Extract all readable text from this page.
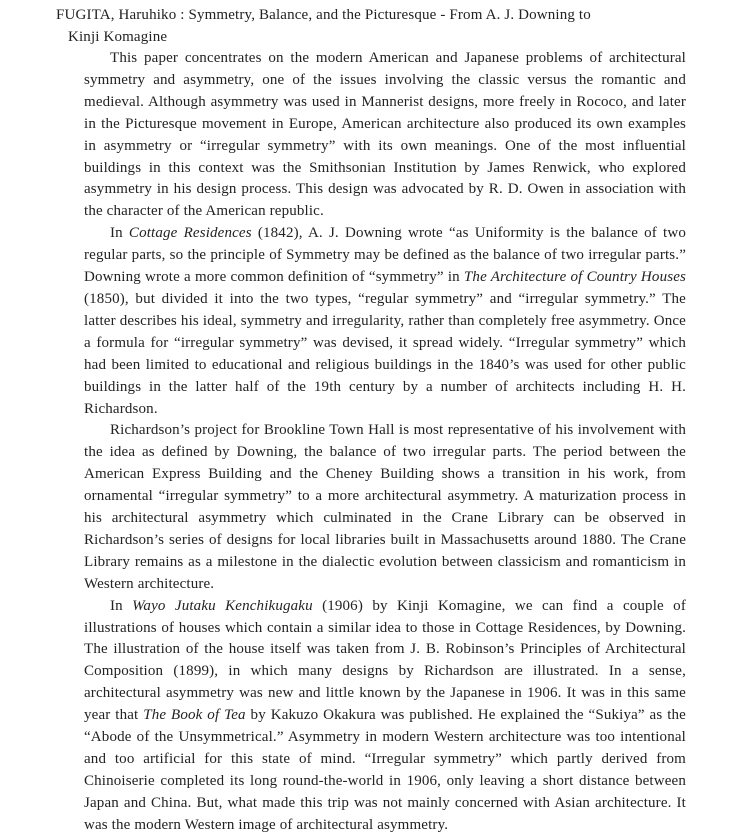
FUGITA, Haruhiko : Symmetry, Balance, and the Picturesque - From A. J. Downing to
Kinji Komagine

This paper concentrates on the modern American and Japanese problems of architectural symmetry and asymmetry, one of the issues involving the classic versus the romantic and medieval. Although asymmetry was used in Mannerist designs, more freely in Rococo, and later in the Picturesque movement in Europe, American architecture also produced its own examples in asymmetry or “irregular symmetry” with its own meanings. One of the most influential buildings in this context was the Smithsonian Institution by James Renwick, who explored asymmetry in his design process. This design was advocated by R. D. Owen in association with the character of the American republic.

In Cottage Residences (1842), A. J. Downing wrote “as Uniformity is the balance of two regular parts, so the principle of Symmetry may be defined as the balance of two irregular parts.” Downing wrote a more common definition of “symmetry” in The Architecture of Country Houses (1850), but divided it into the two types, “regular symmetry” and “irregular symmetry.” The latter describes his ideal, symmetry and irregularity, rather than completely free asymmetry. Once a formula for “irregular symmetry” was devised, it spread widely. “Irregular symmetry” which had been limited to educational and religious buildings in the 1840’s was used for other public buildings in the latter half of the 19th century by a number of architects including H. H. Richardson.

Richardson’s project for Brookline Town Hall is most representative of his involvement with the idea as defined by Downing, the balance of two irregular parts. The period between the American Express Building and the Cheney Building shows a transition in his work, from ornamental “irregular symmetry” to a more architectural asymmetry. A maturization process in his architectural asymmetry which culminated in the Crane Library can be observed in Richardson’s series of designs for local libraries built in Massachusetts around 1880. The Crane Library remains as a milestone in the dialectic evolution between classicism and romanticism in Western architecture.

In Wayo Jutaku Kenchikugaku (1906) by Kinji Komagine, we can find a couple of illustrations of houses which contain a similar idea to those in Cottage Residences, by Downing. The illustration of the house itself was taken from J. B. Robinson’s Principles of Architectural Composition (1899), in which many designs by Richardson are illustrated. In a sense, architectural asymmetry was new and little known by the Japanese in 1906. It was in this same year that The Book of Tea by Kakuzo Okakura was published. He explained the “Sukiya” as the “Abode of the Unsymmetrical.” Asymmetry in modern Western architecture was too intentional and too artificial for this state of mind. “Irregular symmetry” which partly derived from Chinoiserie completed its long round-the-world in 1906, only leaving a short distance between Japan and China. But, what made this trip was not mainly concerned with Asian architecture. It was the modern Western image of architectural asymmetry.
